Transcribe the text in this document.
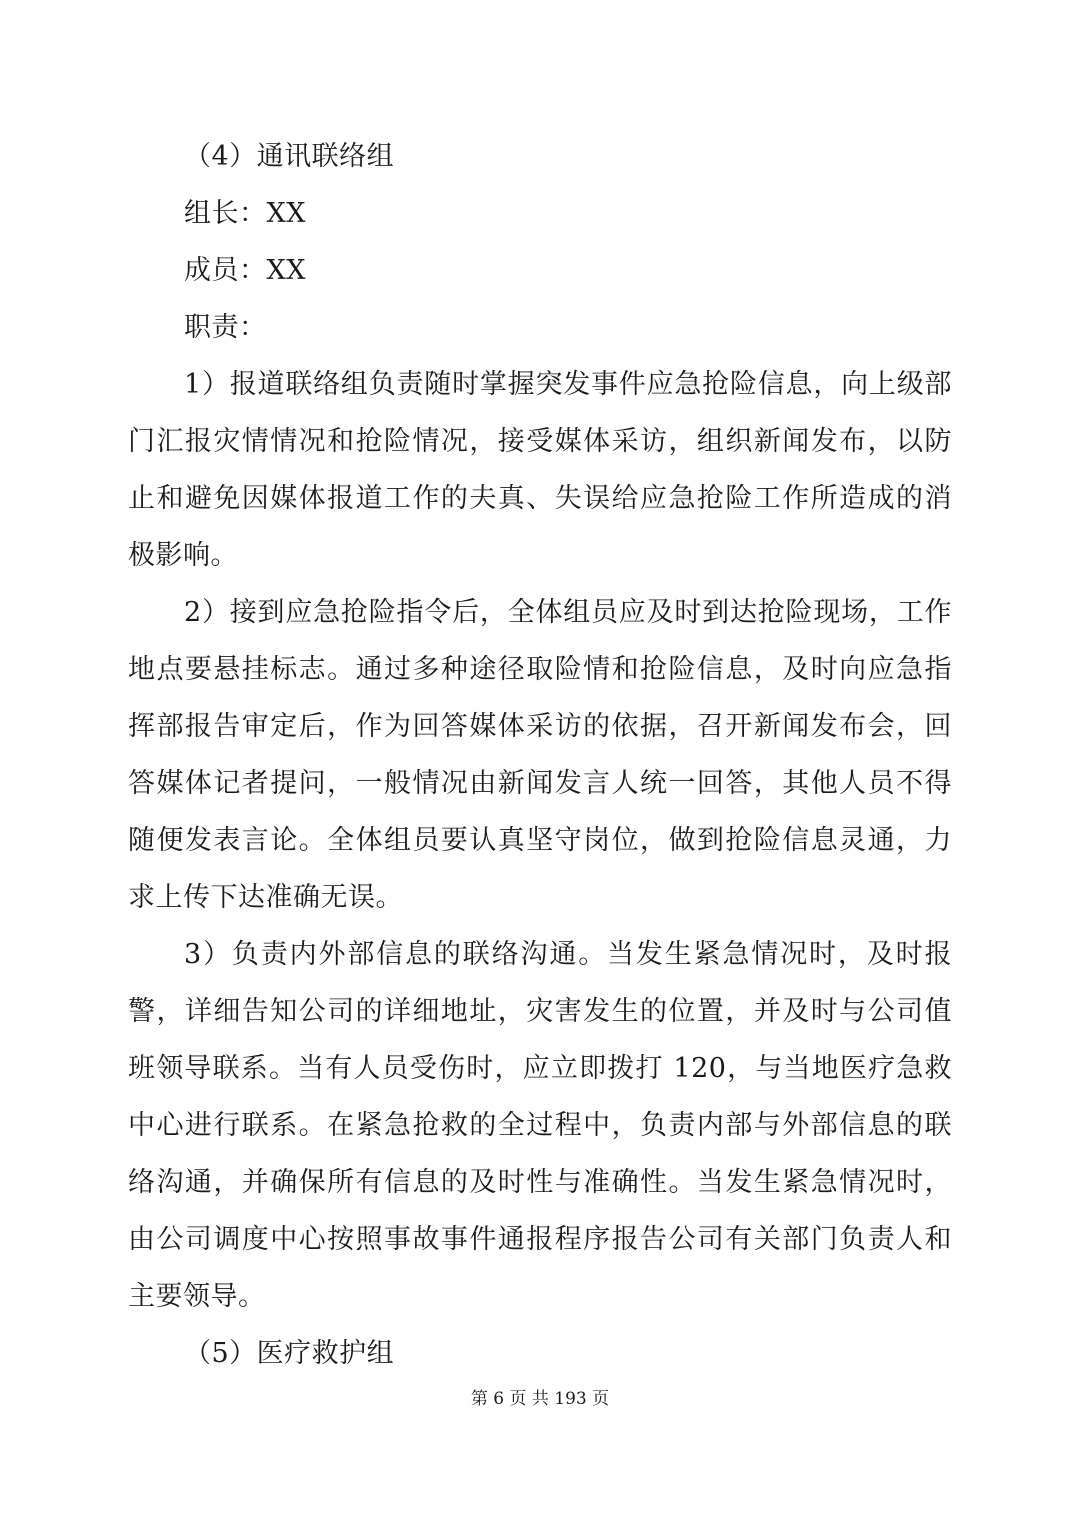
（4）通讯联络组
组长：XX
成员：XX
职责：

1）报道联络组负责随时掌握突发事件应急抢险信息，向上级部门汇报灾情情况和抢险情况，接受媒体采访，组织新闻发布，以防止和避免因媒体报道工作的夫真、失误给应急抢险工作所造成的消极影响。

2）接到应急抢险指令后，全体组员应及时到达抢险现场，工作地点要悬挂标志。通过多种途径取险情和抢险信息，及时向应急指挥部报告审定后，作为回答媒体采访的依据，召开新闻发布会，回答媒体记者提问，一般情况由新闻发言人统一回答，其他人员不得随便发表言论。全体组员要认真坚守岗位，做到抢险信息灵通，力求上传下达准确无误。

3）负责内外部信息的联络沟通。当发生紧急情况时，及时报警，详细告知公司的详细地址，灾害发生的位置，并及时与公司值班领导联系。当有人员受伤时，应立即拨打 120，与当地医疗急救中心进行联系。在紧急抢救的全过程中，负责内部与外部信息的联络沟通，并确保所有信息的及时性与准确性。当发生紧急情况时，由公司调度中心按照事故事件通报程序报告公司有关部门负责人和主要领导。

（5）医疗救护组
第 6 页 共 193 页
